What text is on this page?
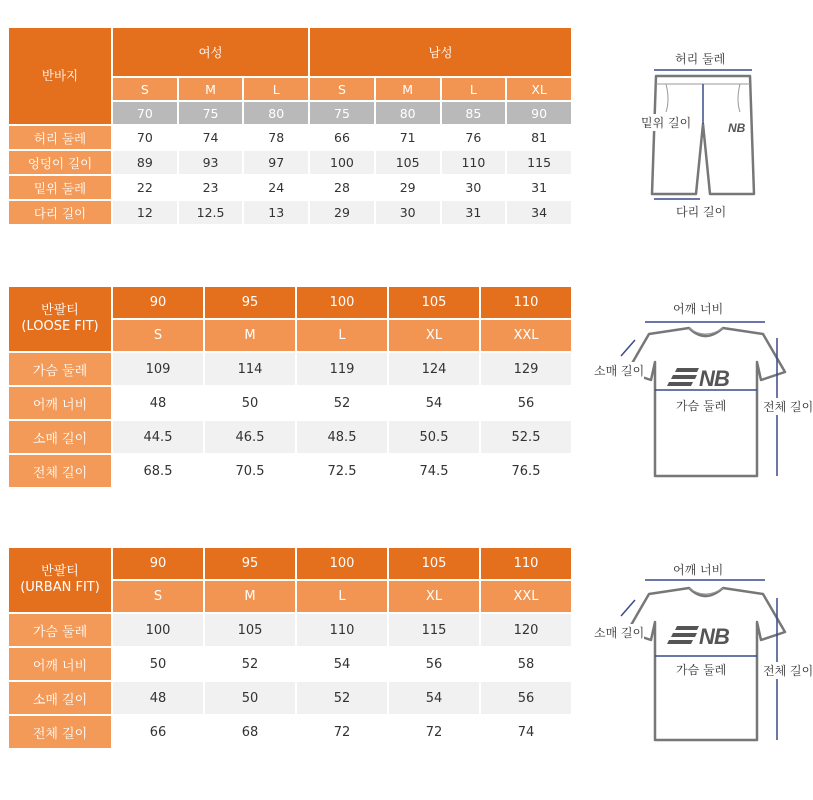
반바지	여성			남성			
	S	M	L	S	M	L	XL
	70	75	80	75	80	85	90
허리 둘레	70	74	78	66	71	76	81
엉덩이 길이	89	93	97	100	105	110	115
밑위 둘레	22	23	24	28	29	30	31
다리 길이	12	12.5	13	29	30	31	34
반팔티
(LOOSE FIT)	90	95	100	105	110
	S	M	L	XL	XXL
가슴 둘레	109	114	119	124	129
어깨 너비	48	50	52	54	56
소매 길이	44.5	46.5	48.5	50.5	52.5
전체 길이	68.5	70.5	72.5	74.5	76.5
반팔티
(URBAN FIT)	90	95	100	105	110
	S	M	L	XL	XXL
가슴 둘레	100	105	110	115	120
어깨 너비	50	52	54	56	58
소매 길이	48	50	52	54	56
전체 길이	66	68	72	72	74
NB
허리 둘레
밑위 길이
다리 길이
N B
어깨 너비
소매 길이
가슴 둘레	전체 길이
N B
어깨 너비
소매 길이
가슴 둘레	전체 길이
